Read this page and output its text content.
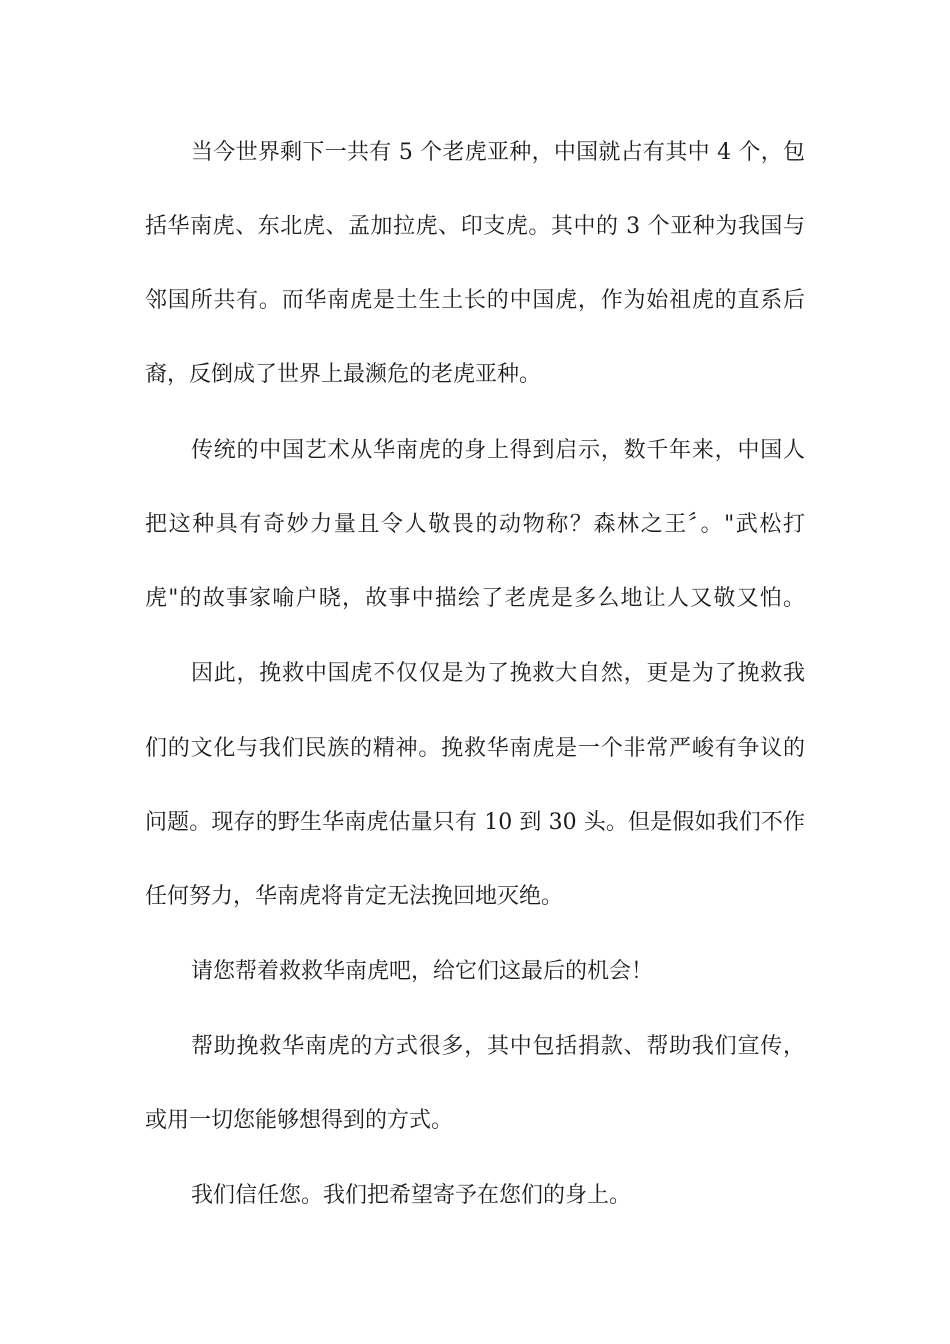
当今世界剩下一共有 5 个老虎亚种，中国就占有其中 4 个，包

括华南虎、东北虎、孟加拉虎、印支虎。其中的 3 个亚种为我国与

邻国所共有。而华南虎是土生土长的中国虎，作为始祖虎的直系后

裔，反倒成了世界上最濒危的老虎亚种。

传统的中国艺术从华南虎的身上得到启示，数千年来，中国人

把这种具有奇妙力量且令人敬畏的动物称？森林之王〞。"武松打

虎"的故事家喻户晓，故事中描绘了老虎是多么地让人又敬又怕。

因此，挽救中国虎不仅仅是为了挽救大自然，更是为了挽救我

们的文化与我们民族的精神。挽救华南虎是一个非常严峻有争议的

问题。现存的野生华南虎估量只有 10 到 30 头。但是假如我们不作

任何努力，华南虎将肯定无法挽回地灭绝。

请您帮着救救华南虎吧，给它们这最后的机会！

帮助挽救华南虎的方式很多，其中包括捐款、帮助我们宣传，

或用一切您能够想得到的方式。

我们信任您。我们把希望寄予在您们的身上。
